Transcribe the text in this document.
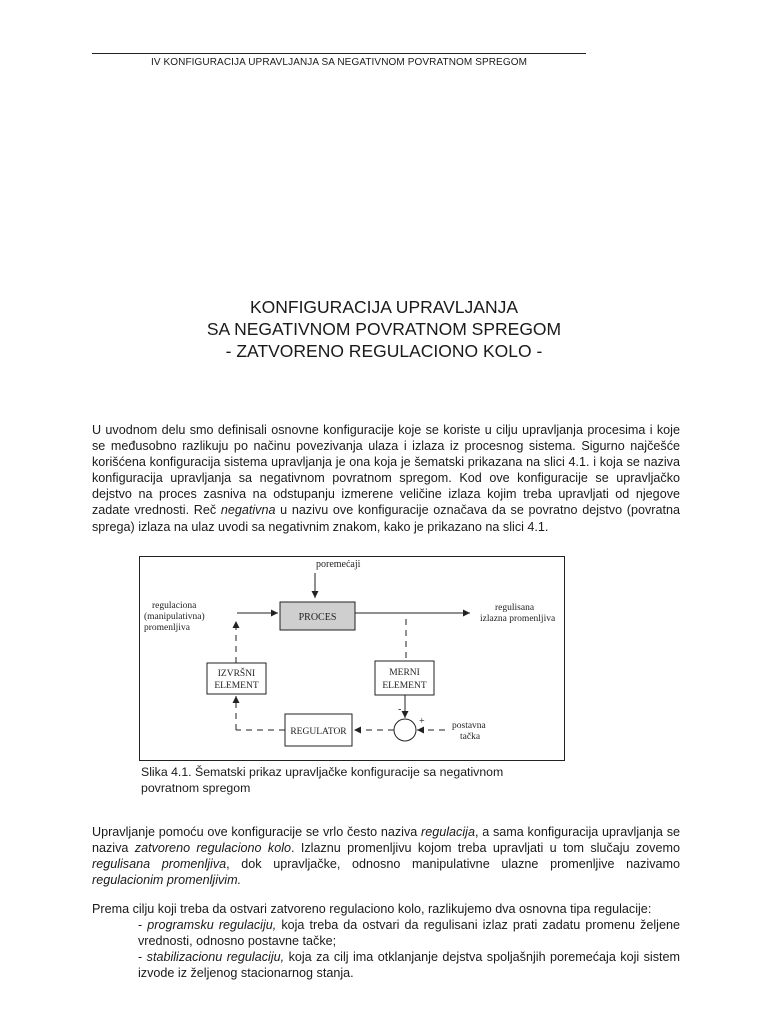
IV KONFIGURACIJA UPRAVLJANJA SA NEGATIVNOM POVRATNOM SPREGOM
KONFIGURACIJA UPRAVLJANJA
SA NEGATIVNOM POVRATNOM SPREGOM
- ZATVORENO REGULACIONO KOLO -

U uvodnom delu smo definisali osnovne konfiguracije koje se koriste u cilju upravljanja procesima i koje se međusobno razlikuju po načinu povezivanja ulaza i izlaza iz procesnog sistema. Sigurno najčešće korišćena konfiguracija sistema upravljanja je ona koja je šematski prikazana na slici 4.1. i koja se naziva konfiguracija upravljanja sa negativnom povratnom spregom. Kod ove konfiguracije se upravljačko dejstvo na proces zasniva na odstupanju izmerene veličine izlaza kojim treba upravljati od njegove zadate vrednosti. Reč negativna u nazivu ove konfiguracije označava da se povratno dejstvo (povratna sprega) izlaza na ulaz uvodi sa negativnim znakom, kako je prikazano na slici 4.1.

poremećaji
regulaciona
(manipulativna)
promenljiva
PROCES
regulisana
izlazna promenljiva
IZVRŠNI
ELEMENT
MERNI
ELEMENT
+
-
postavna
tačka
REGULATOR
Slika 4.1. Šematski prikaz upravljačke konfiguracije sa negativnom
povratnom spregom

Upravljanje pomoću ove konfiguracije se vrlo često naziva regulacija, a sama konfiguracija upravljanja se naziva zatvoreno regulaciono kolo. Izlaznu promenljivu kojom treba upravljati u tom slučaju zovemo regulisana promenljiva, dok upravljačke, odnosno manipulativne ulazne promenljive nazivamo regulacionim promenljivim.

Prema cilju koji treba da ostvari zatvoreno regulaciono kolo, razlikujemo dva osnovna tipa regulacije:

- programsku regulaciju, koja treba da ostvari da regulisani izlaz prati zadatu promenu željene vrednosti, odnosno postavne tačke;

- stabilizacionu regulaciju, koja za cilj ima otklanjanje dejstva spoljašnjih poremećaja koji sistem izvode iz željenog stacionarnog stanja.
